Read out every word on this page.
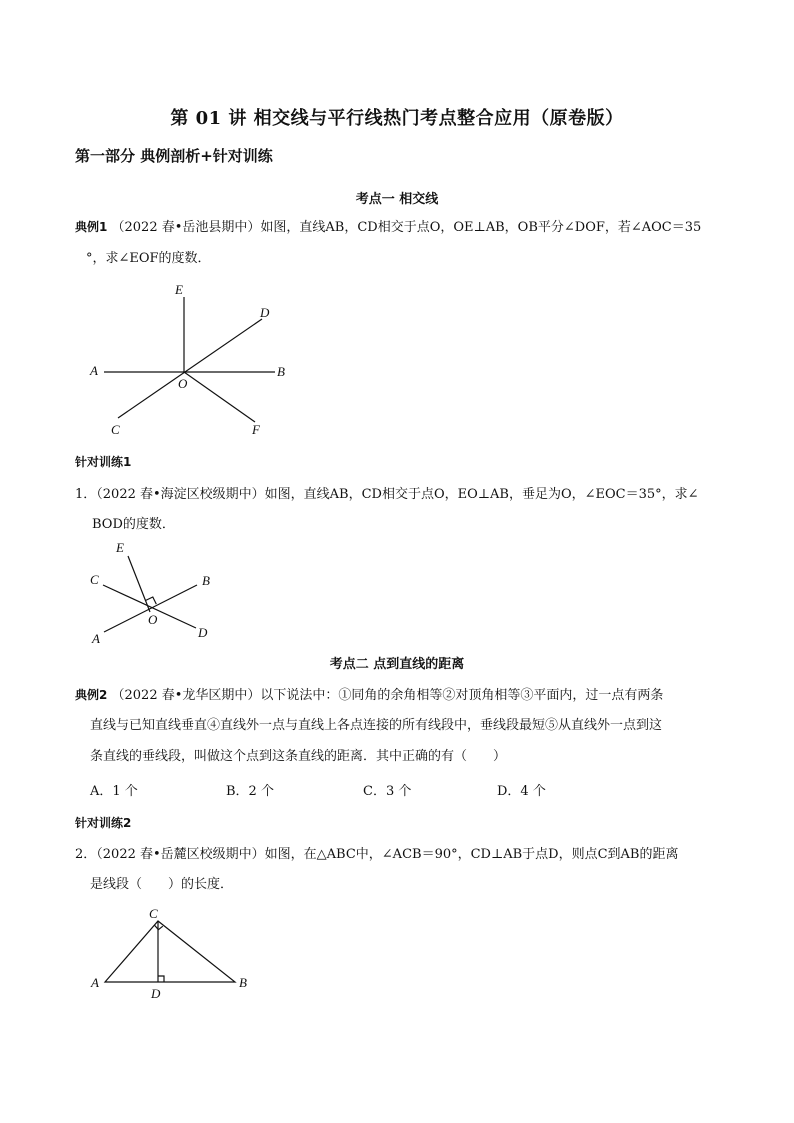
第 01 讲 相交线与平行线热门考点整合应用（原卷版）
第一部分 典例剖析+针对训练
考点一 相交线
典例1 （2022 春•岳池县期中）如图，直线AB，CD相交于点O，OE⊥AB，OB平分∠DOF，若∠AOC＝35
°，求∠EOF的度数．
E
D
A
O
B
C	F
针对训练1
1．（2022 春•海淀区校级期中）如图，直线AB，CD相交于点O，EO⊥AB，垂足为O，∠EOC＝35°，求∠
BOD的度数．
E
C	B
O
A	D
考点二 点到直线的距离
典例2 （2022 春•龙华区期中）以下说法中：①同角的余角相等②对顶角相等③平面内，过一点有两条
直线与已知直线垂直④直线外一点与直线上各点连接的所有线段中，垂线段最短⑤从直线外一点到这
条直线的垂线段，叫做这个点到这条直线的距离．其中正确的有（　　）
A．1 个	B．2 个	C．3 个	D．4 个
针对训练2
2．（2022 春•岳麓区校级期中）如图，在△ABC中，∠ACB＝90°，CD⊥AB于点D，则点C到AB的距离
是线段（　　）的长度．
C
A
D
B
